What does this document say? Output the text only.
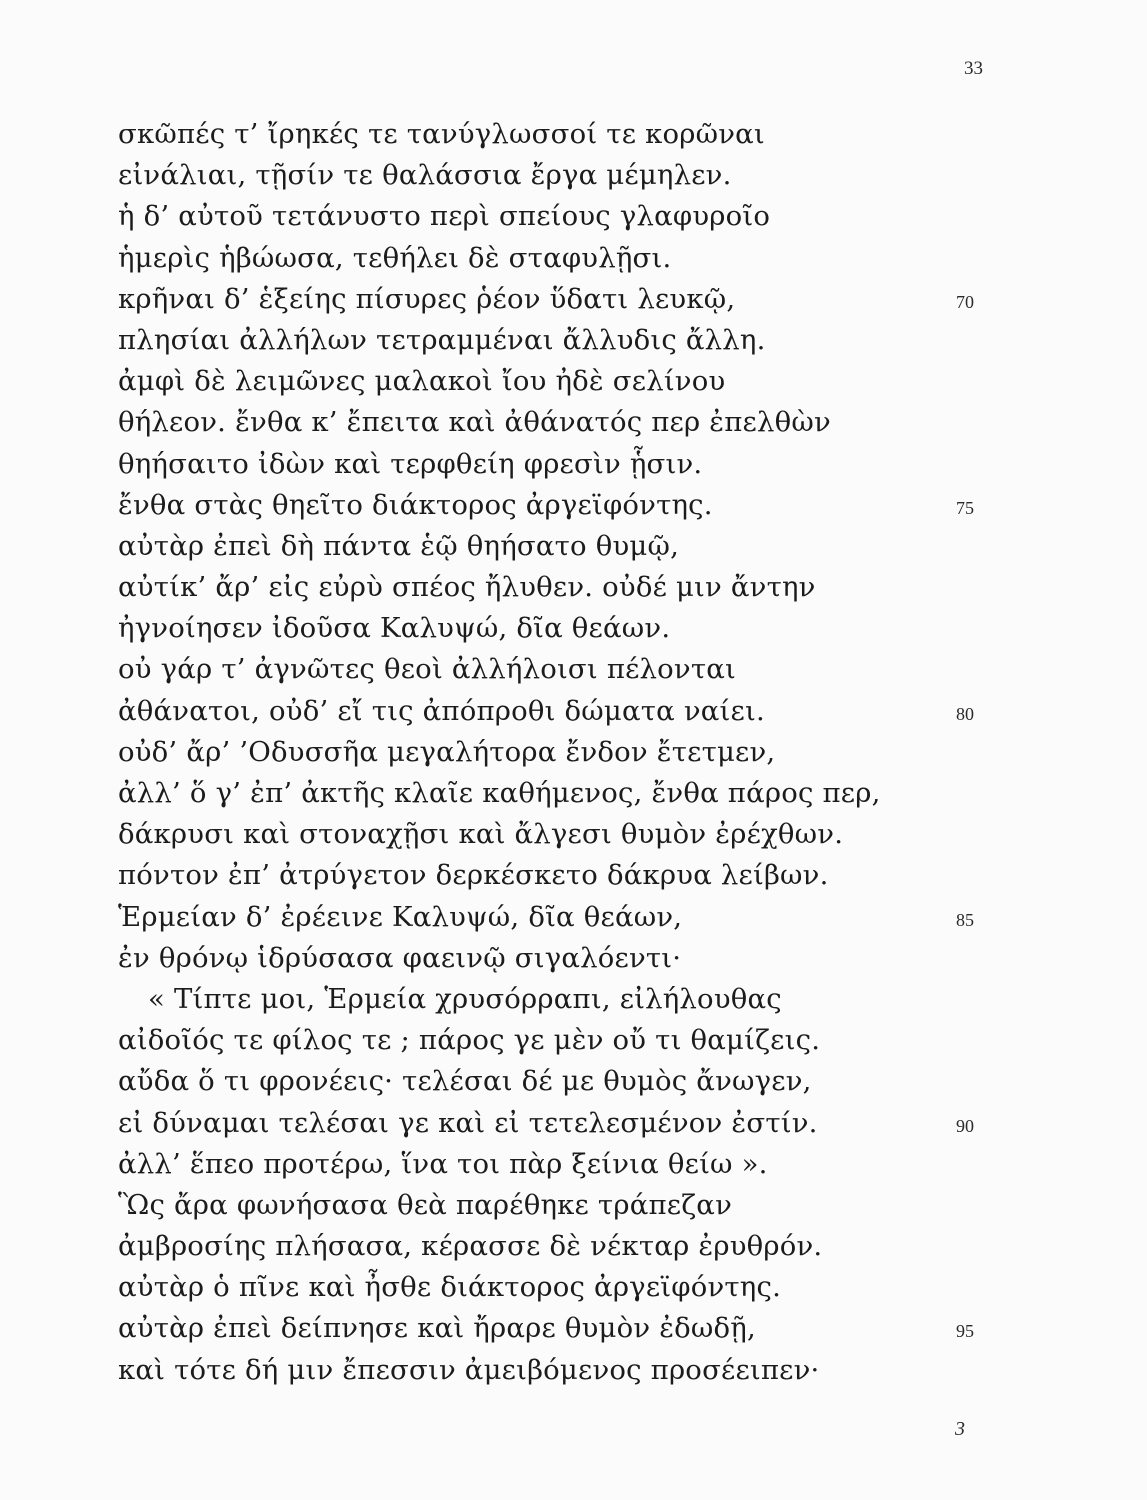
33
σκῶπές τ’ ἴρηκές τε τανύγλωσσοί τε κορῶναι
εἰνάλιαι, τῇσίν τε θαλάσσια ἔργα μέμηλεν.
ἡ δ’ αὐτοῦ τετάνυστο περὶ σπείους γλαφυροῖο
ἡμερὶς ἡβώωσα, τεθήλει δὲ σταφυλῇσι.
κρῆναι δ’ ἑξείης πίσυρες ῥέον ὕδατι λευκῷ,	70
πλησίαι ἀλλήλων τετραμμέναι ἄλλυδις ἄλλη.
ἀμφὶ δὲ λειμῶνες μαλακοὶ ἴου ἠδὲ σελίνου
θήλεον. ἔνθα κ’ ἔπειτα καὶ ἀθάνατός περ ἐπελθὼν
θηήσαιτο ἰδὼν καὶ τερφθείη φρεσὶν ᾗσιν.
ἔνθα στὰς θηεῖτο διάκτορος ἀργεϊφόντης.	75
αὐτὰρ ἐπεὶ δὴ πάντα ἑῷ θηήσατο θυμῷ,
αὐτίκ’ ἄρ’ εἰς εὐρὺ σπέος ἤλυθεν. οὐδέ μιν ἄντην
ἠγνοίησεν ἰδοῦσα Καλυψώ, δῖα θεάων.
οὐ γάρ τ’ ἀγνῶτες θεοὶ ἀλλήλοισι πέλονται
ἀθάνατοι, οὐδ’ εἴ τις ἀπόπροθι δώματα ναίει.	80
οὐδ’ ἄρ’ ’Οδυσσῆα μεγαλήτορα ἔνδον ἔτετμεν,
ἀλλ’ ὅ γ’ ἐπ’ ἀκτῆς κλαῖε καθήμενος, ἔνθα πάρος περ,
δάκρυσι καὶ στοναχῇσι καὶ ἄλγεσι θυμὸν ἐρέχθων.
πόντον ἐπ’ ἀτρύγετον δερκέσκετο δάκρυα λείβων.
Ἑρμείαν δ’ ἐρέεινε Καλυψώ, δῖα θεάων,	85
ἐν θρόνῳ ἱδρύσασα φαεινῷ σιγαλόεντι·
« Τίπτε μοι, Ἑρμεία χρυσόρραπι, εἰλήλουθας
αἰδοῖός τε φίλος τε ; πάρος γε μὲν οὔ τι θαμίζεις.
αὔδα ὅ τι φρονέεις· τελέσαι δέ με θυμὸς ἄνωγεν,
εἰ δύναμαι τελέσαι γε καὶ εἰ τετελεσμένον ἐστίν.	90
ἀλλ’ ἕπεο προτέρω, ἵνα τοι πὰρ ξείνια θείω ».
Ὣς ἄρα φωνήσασα θεὰ παρέθηκε τράπεζαν
ἀμβροσίης πλήσασα, κέρασσε δὲ νέκταρ ἐρυθρόν.
αὐτὰρ ὁ πῖνε καὶ ἦσθε διάκτορος ἀργεϊφόντης.
αὐτὰρ ἐπεὶ δείπνησε καὶ ἤραρε θυμὸν ἐδωδῇ,	95
καὶ τότε δή μιν ἔπεσσιν ἀμειβόμενος προσέειπεν·
3
